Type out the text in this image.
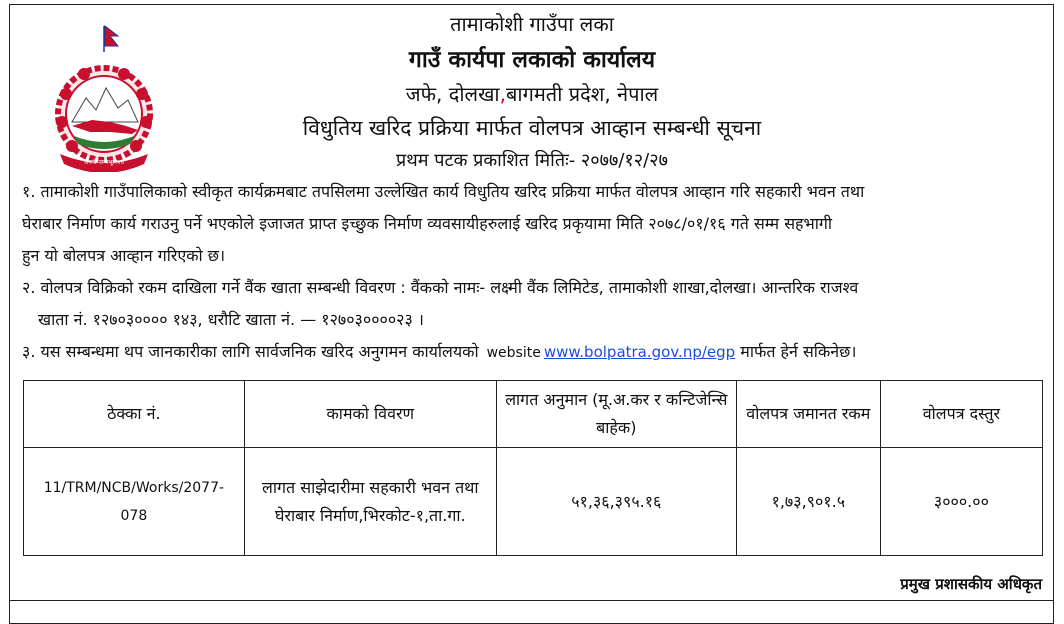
जननी जन्मभूमिश्च
तामाकोशी गाउँपा लका
गाउँ कार्यपा लकाको कार्यालय
जफे, दोलखा,बागमती प्रदेश, नेपाल
विधुतिय खरिद प्रक्रिया मार्फत वोलपत्र आव्हान सम्बन्धी सूचना
प्रथम पटक प्रकाशित मितिः- २०७७/१२/२७
१. तामाकोशी गाउँपालिकाको स्वीकृत कार्यक्रमबाट तपसिलमा उल्लेखित कार्य विधुतिय खरिद प्रक्रिया मार्फत वोलपत्र आव्हान गरि सहकारी भवन तथा
घेराबार निर्माण कार्य गराउनु पर्ने भएकोले इजाजत प्राप्त इच्छुक निर्माण व्यवसायीहरुलाई खरिद प्रकृयामा मिति २०७८/०१/१६ गते सम्म सहभागी
हुन यो बोलपत्र आव्हान गरिएको छ।
२. वोलपत्र विक्रिको रकम दाखिला गर्ने वैंक खाता सम्बन्धी विवरण : वैंकको नामः- लक्ष्मी वैंक लिमिटेड, तामाकोशी शाखा,दोलखा। आन्तरिक राजश्व
खाता नं. १२७०३०००० १४३, धरौटि खाता नं. — १२७०३००००२३ ।
३. यस सम्बन्धमा थप जानकारीका लागि सार्वजनिक खरिद अनुगमन कार्यालयको website www.bolpatra.gov.np/egp मार्फत हेर्न सकिनेछ।
ठेक्का नं.	कामको विवरण	लागत अनुमान (मू.अ.कर र कन्टिजेन्सि बाहेक)	वोलपत्र जमानत रकम	वोलपत्र दस्तुर
11/TRM/NCB/Works/2077-078	लागत साझेदारीमा सहकारी भवन तथा घेराबार निर्माण,भिरकोट-१,ता.गा.	५१,३६,३९५.१६	१,७३,९०१.५	३०००.००
प्रमुख प्रशासकीय अधिकृत
